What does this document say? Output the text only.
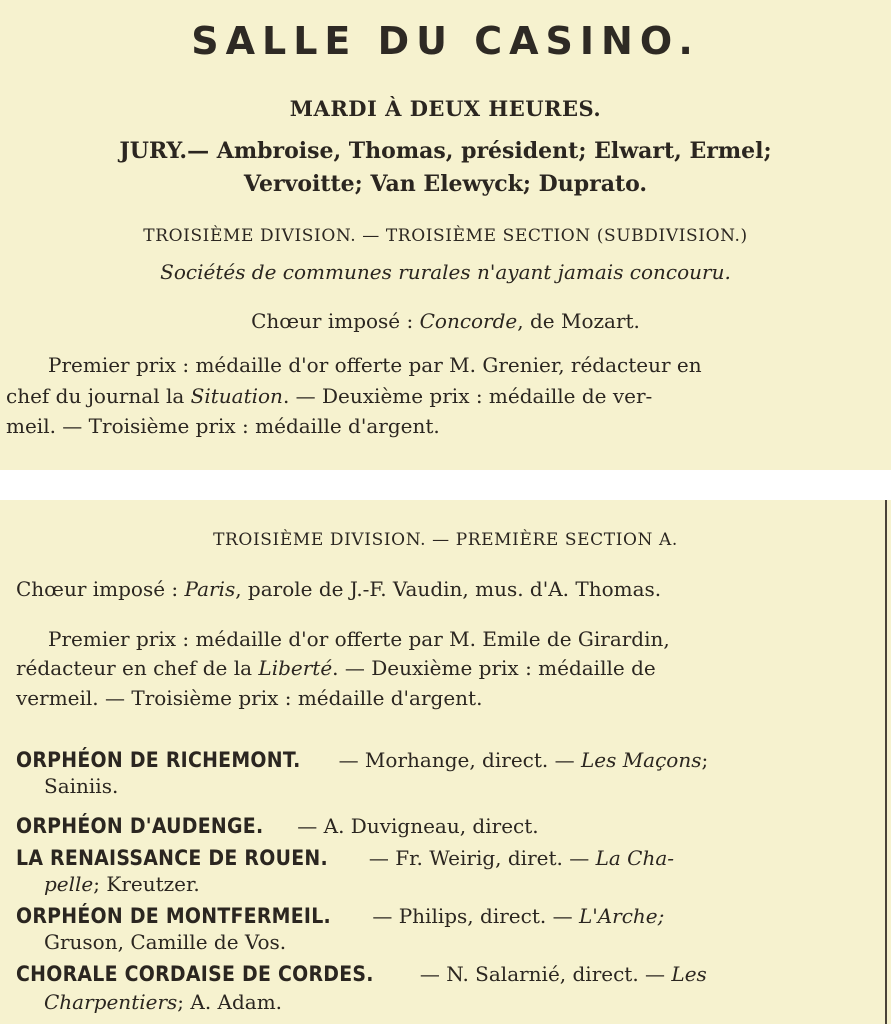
SALLE DU CASINO.

MARDI À DEUX HEURES.

JURY.— Ambroise, Thomas, président; Elwart, Ermel;

Vervoitte; Van Elewyck; Duprato.

TROISIÈME DIVISION. — TROISIÈME SECTION (SUBDIVISION.)

Sociétés de communes rurales n'ayant jamais concouru.

Chœur imposé : Concorde, de Mozart.

Premier prix : médaille d'or offerte par M. Grenier, rédacteur en

chef du journal la Situation. — Deuxième prix : médaille de ver-

meil. — Troisième prix : médaille d'argent.

TROISIÈME DIVISION. — PREMIÈRE SECTION A.

Chœur imposé : Paris, parole de J.-F. Vaudin, mus. d'A. Thomas.

Premier prix : médaille d'or offerte par M. Emile de Girardin,

rédacteur en chef de la Liberté. — Deuxième prix : médaille de

vermeil. — Troisième prix : médaille d'argent.

ORPHÉON DE RICHEMONT. — Morhange, direct. — Les Maçons;

Sainiis.

ORPHÉON D'AUDENGE. — A. Duvigneau, direct.

LA RENAISSANCE DE ROUEN. — Fr. Weirig, diret. — La Cha-

pelle; Kreutzer.

ORPHÉON DE MONTFERMEIL. — Philips, direct. — L'Arche;

Gruson, Camille de Vos.

CHORALE CORDAISE DE CORDES. — N. Salarnié, direct. — Les

Charpentiers; A. Adam.
